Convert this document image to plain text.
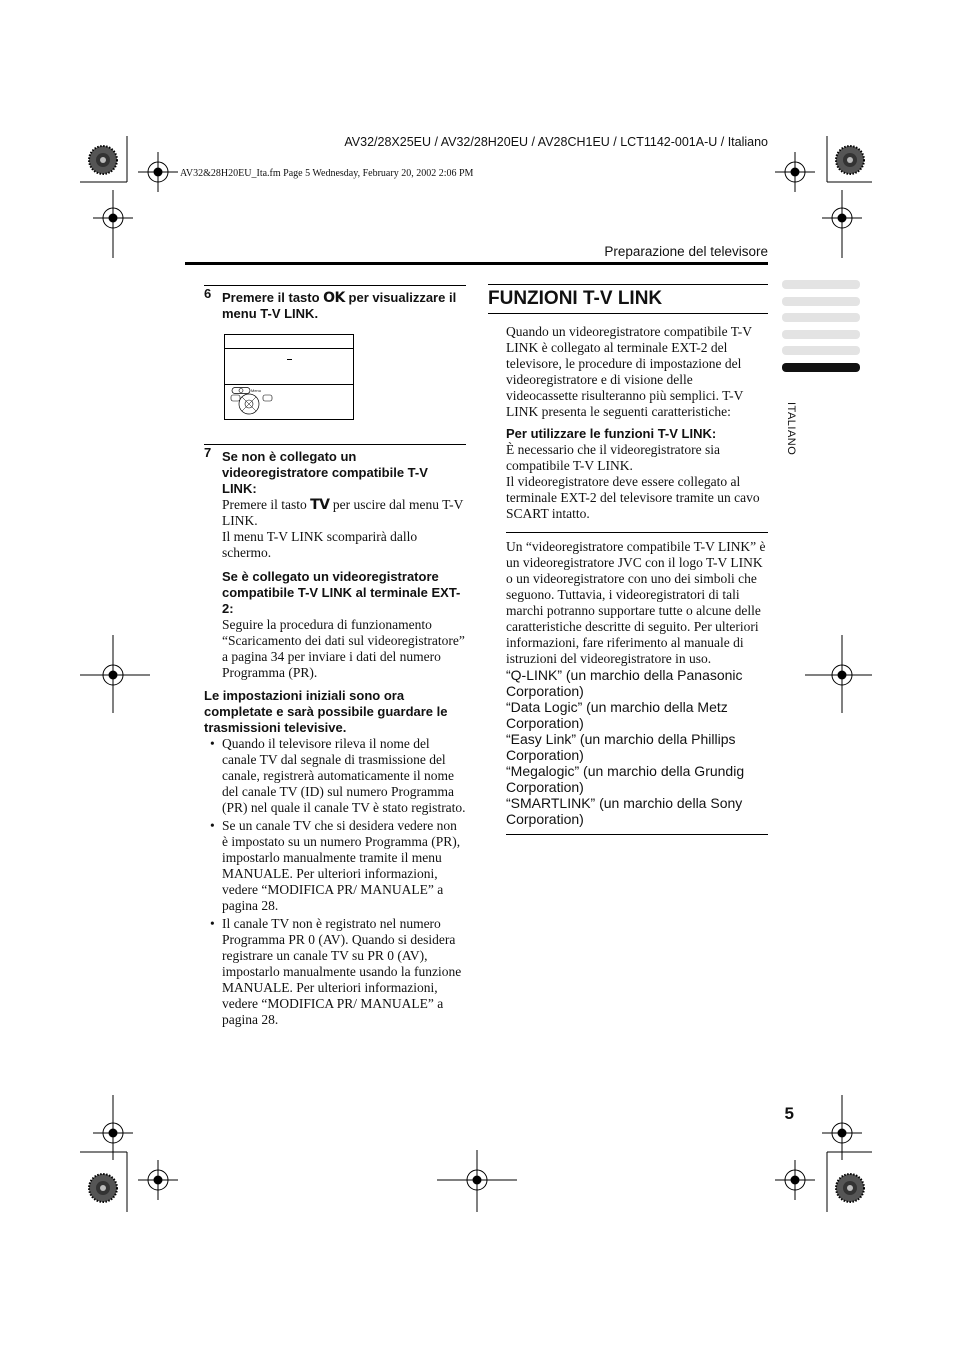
AV32/28X25EU / AV32/28H20EU / AV28CH1EU / LCT1142-001A-U / Italiano
AV32&28H20EU_Ita.fm Page 5 Wednesday, February 20, 2002 2:06 PM
Preparazione del televisore
6 Premere il tasto OK per visualizzare il menu T-V LINK.
Menu
7 Se non è collegato un videoregistratore compatibile T-V LINK:
Premere il tasto TV per uscire dal menu T-V LINK.
Il menu T-V LINK scomparirà dallo schermo.
Se è collegato un videoregistratore compatibile T-V LINK al terminale EXT-2:
Seguire la procedura di funzionamento “Scaricamento dei dati sul videoregistratore” a pagina 34 per inviare i dati del numero Programma (PR).
Le impostazioni iniziali sono ora completate e sarà possibile guardare le trasmissioni televisive.
• Quando il televisore rileva il nome del canale TV dal segnale di trasmissione del canale, registrerà automaticamente il nome del canale TV (ID) sul numero Programma (PR) nel quale il canale TV è stato registrato.
• Se un canale TV che si desidera vedere non è impostato su un numero Programma (PR), impostarlo manualmente tramite il menu MANUALE. Per ulteriori informazioni, vedere “MODIFICA PR/ MANUALE” a pagina 28.
• Il canale TV non è registrato nel numero Programma PR 0 (AV). Quando si desidera registrare un canale TV su PR 0 (AV), impostarlo manualmente usando la funzione MANUALE. Per ulteriori informazioni, vedere “MODIFICA PR/ MANUALE” a pagina 28.
FUNZIONI T-V LINK
Quando un videoregistratore compatibile T-V LINK è collegato al terminale EXT-2 del televisore, le procedure di impostazione del videoregistratore e di visione delle videocassette risulteranno più semplici. T-V LINK presenta le seguenti caratteristiche:
Per utilizzare le funzioni T-V LINK:
È necessario che il videoregistratore sia compatibile T-V LINK.
Il videoregistratore deve essere collegato al terminale EXT-2 del televisore tramite un cavo SCART intatto.
Un “videoregistratore compatibile T-V LINK” è un videoregistratore JVC con il logo T-V LINK o un videoregistratore con uno dei simboli che seguono. Tuttavia, i videoregistratori di tali marchi potranno supportare tutte o alcune delle caratteristiche descritte di seguito. Per ulteriori informazioni, fare riferimento al manuale di istruzioni del videoregistratore in uso.
“Q-LINK” (un marchio della Panasonic Corporation)
“Data Logic” (un marchio della Metz Corporation)
“Easy Link” (un marchio della Phillips Corporation)
“Megalogic” (un marchio della Grundig Corporation)
“SMARTLINK” (un marchio della Sony Corporation)
ITALIANO
5
